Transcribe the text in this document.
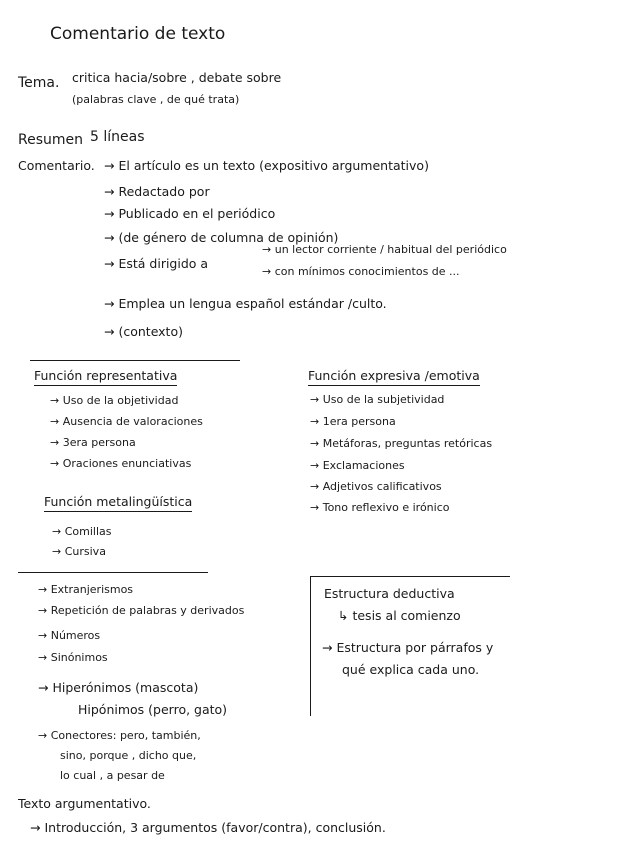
Comentario de texto
Tema. critica hacia/sobre , debate sobre
(palabras clave , de qué trata)
Resumen 5 líneas
Comentario. → El artículo es un texto (expositivo argumentativo)
→ Redactado por
→ Publicado en el periódico
→ (de género de columna de opinión)
→ Está dirigido a
→ un lector corriente / habitual del periódico
→ con mínimos conocimientos de ...
→ Emplea un lengua español estándar /culto.
→ (contexto)
Función representativa
→ Uso de la objetividad
→ Ausencia de valoraciones
→ 3era persona
→ Oraciones enunciativas
Función expresiva /emotiva
→ Uso de la subjetividad
→ 1era persona
→ Metáforas, preguntas retóricas
→ Exclamaciones
→ Adjetivos calificativos
→ Tono reflexivo e irónico
Función metalingüística
→ Comillas
→ Cursiva
→ Extranjerismos
→ Repetición de palabras y derivados
→ Números
→ Sinónimos
→ Hiperónimos (mascota)
Hipónimos (perro, gato)
→ Conectores: pero, también,
sino, porque , dicho que,
lo cual , a pesar de
Estructura deductiva
↳ tesis al comienzo
→ Estructura por párrafos y
qué explica cada uno.
Texto argumentativo.
→ Introducción, 3 argumentos (favor/contra), conclusión.
